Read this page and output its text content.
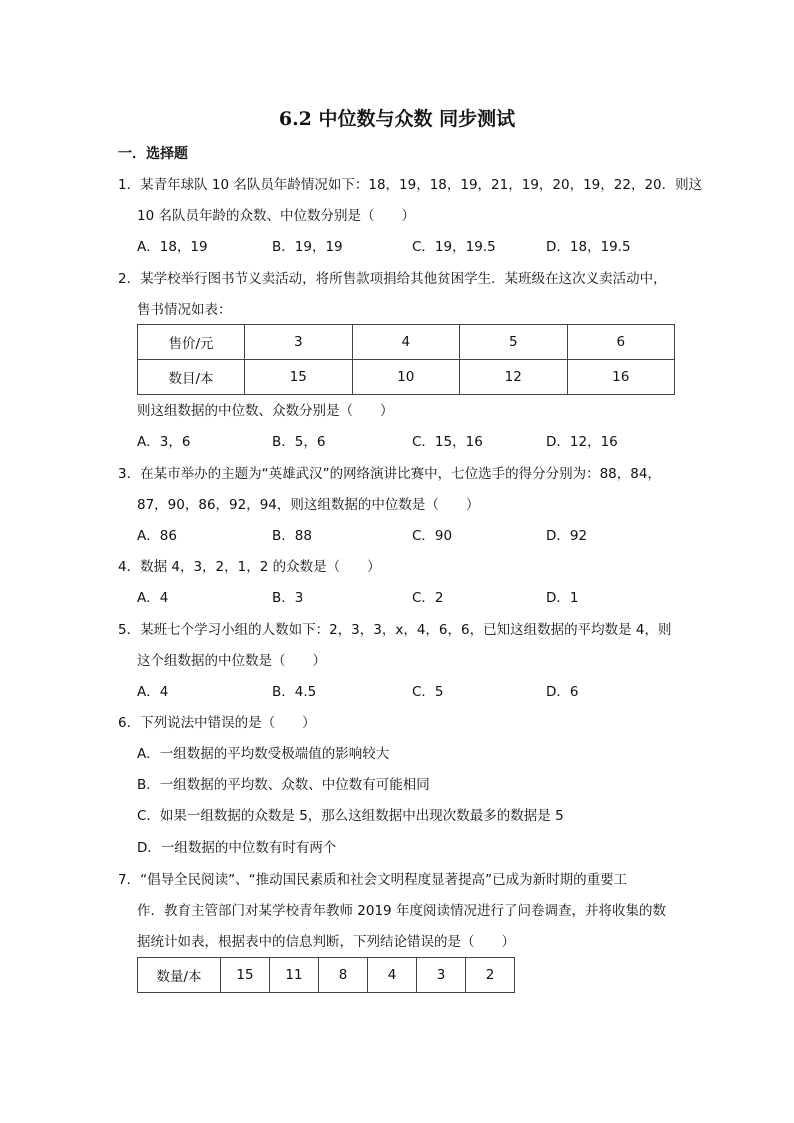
6.2 中位数与众数 同步测试
一．选择题
1．某青年球队 10 名队员年龄情况如下：18，19，18，19，21，19，20，19，22，20．则这
10 名队员年龄的众数、中位数分别是（　　）
A．18，19	B．19，19	C．19，19.5	D．18，19.5
2．某学校举行图书节义卖活动，将所售款项捐给其他贫困学生．某班级在这次义卖活动中，
售书情况如表：
售价/元	3	4	5	6
数目/本	15	10	12	16
则这组数据的中位数、众数分别是（　　）
A．3，6	B．5，6	C．15，16	D．12，16
3．在某市举办的主题为“英雄武汉”的网络演讲比赛中，七位选手的得分分别为：88，84，
87，90，86，92，94，则这组数据的中位数是（　　）
A．86	B．88	C．90	D．92
4．数据 4，3，2，1，2 的众数是（　　）
A．4	B．3	C．2	D．1
5．某班七个学习小组的人数如下：2，3，3，x，4，6，6，已知这组数据的平均数是 4，则
这个组数据的中位数是（　　）
A．4	B．4.5	C．5	D．6
6．下列说法中错误的是（　　）
A．一组数据的平均数受极端值的影响较大
B．一组数据的平均数、众数、中位数有可能相同
C．如果一组数据的众数是 5，那么这组数据中出现次数最多的数据是 5
D．一组数据的中位数有时有两个
7．“倡导全民阅读”、“推动国民素质和社会文明程度显著提高”已成为新时期的重要工
作．教育主管部门对某学校青年教师 2019 年度阅读情况进行了问卷调查，并将收集的数
据统计如表，根据表中的信息判断，下列结论错误的是（　　）
数量/本	15	11	8	4	3	2
